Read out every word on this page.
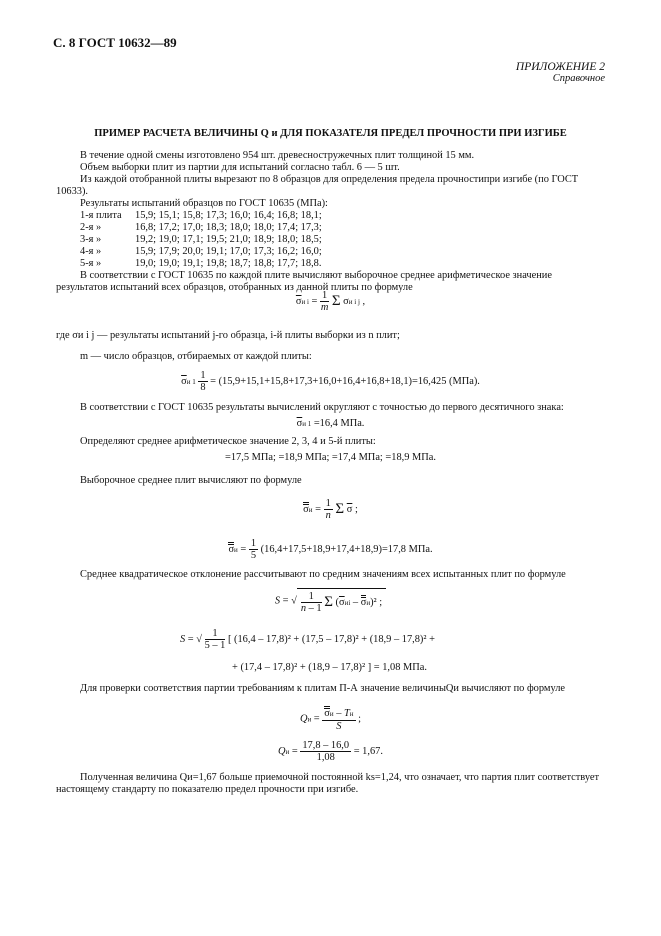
С. 8 ГОСТ 10632—89
ПРИЛОЖЕНИЕ 2
Справочное
ПРИМЕР РАСЧЕТА ВЕЛИЧИНЫ Q и ДЛЯ ПОКАЗАТЕЛЯ ПРЕДЕЛ ПРОЧНОСТИ ПРИ ИЗГИБЕ
В течение одной смены изготовлено 954 шт. древесностружечных плит толщиной 15 мм.
Объем выборки плит из партии для испытаний согласно табл. 6 — 5 шт.
Из каждой отобранной плиты вырезают по 8 образцов для определения предела прочностипри изгибе (по ГОСТ 10633).
Результаты испытаний образцов по ГОСТ 10635 (МПа):
1-я плита 15,9; 15,1; 15,8; 17,3; 16,0; 16,4; 16,8; 18,1;
2-я »	16,8; 17,2; 17,0; 18,3; 18,0; 18,0; 17,4; 17,3;
3-я »	19,2; 19,0; 17,1; 19,5; 21,0; 18,9; 18,0; 18,5;
4-я »	15,9; 17,9; 20,0; 19,1; 17,0; 17,3; 16,2; 16,0;
5-я »	19,0; 19,0; 19,1; 19,8; 18,7; 18,8; 17,7; 18,8.
В соответствии с ГОСТ 10635 по каждой плите вычисляют выборочное среднее арифметическое значение результатов испытаний всех образцов, отобранных из данной плиты по формуле
$\overline{\sigma}и$ $i = \frac{1}{m}$ Σ σи i j ,
где σи i j — результаты испытаний j-го образца, i-й плиты выборки из n плит;
m — число образцов, отбираемых от каждой плиты:
$\overline{\sigma}и$ $1 \frac{1}{8} = (15,9+15,1+15,8+17,3+16,0+16,4+16,8+18,1)=16,425$ (МПа).
В соответствии с ГОСТ 10635 результаты вычислений округляют с точностью до первого десятичного знака:
$\overline{\sigma}и$ 1 =16,4 МПа.
Определяют среднее арифметическое значение 2, 3, 4 и 5-й плиты:
=17,5 МПа; =18,9 МПа; =17,4 МПа; =18,9 МПа.
Выборочное среднее плит вычисляют по формуле
$\sigma и = \frac{1}{n}$ Σ $\overline{\sigma}$ ;
$\sigma и = \frac{1}{5} (16,4+17,5+18,9+17,4+18,9)=17,8$ МПа.
Среднее квадратическое отклонение рассчитывают по средним значениям всех испытанных плит по формуле
S = √ $\frac{1}{n - 1}$ Σ $(\overline{\sigma}иi - \sigma и)^2$ ;
S = √ $\frac{1}{5 - 1}$ [ (16,4 – 17,8)² + (17,5 – 17,8)² + (18,9 – 17,8)² +
+ (17,4 – 17,8)² + (18,9 – 17,8)² ] = 1,08 МПа.
Для проверки соответствия партии требованиям к плитам П-А значение величиныQи вычисляют по формуле
Qи = $\frac{\sigma и - Tн}{S}$ ;
Qи = $\frac{17,8 - 16,0}{1,08} = 1,67$.
Полученная величина Qи=1,67 больше приемочной постоянной ks=1,24, что означает, что партия плит соответствует настоящему стандарту по показателю предел прочности при изгибе.
